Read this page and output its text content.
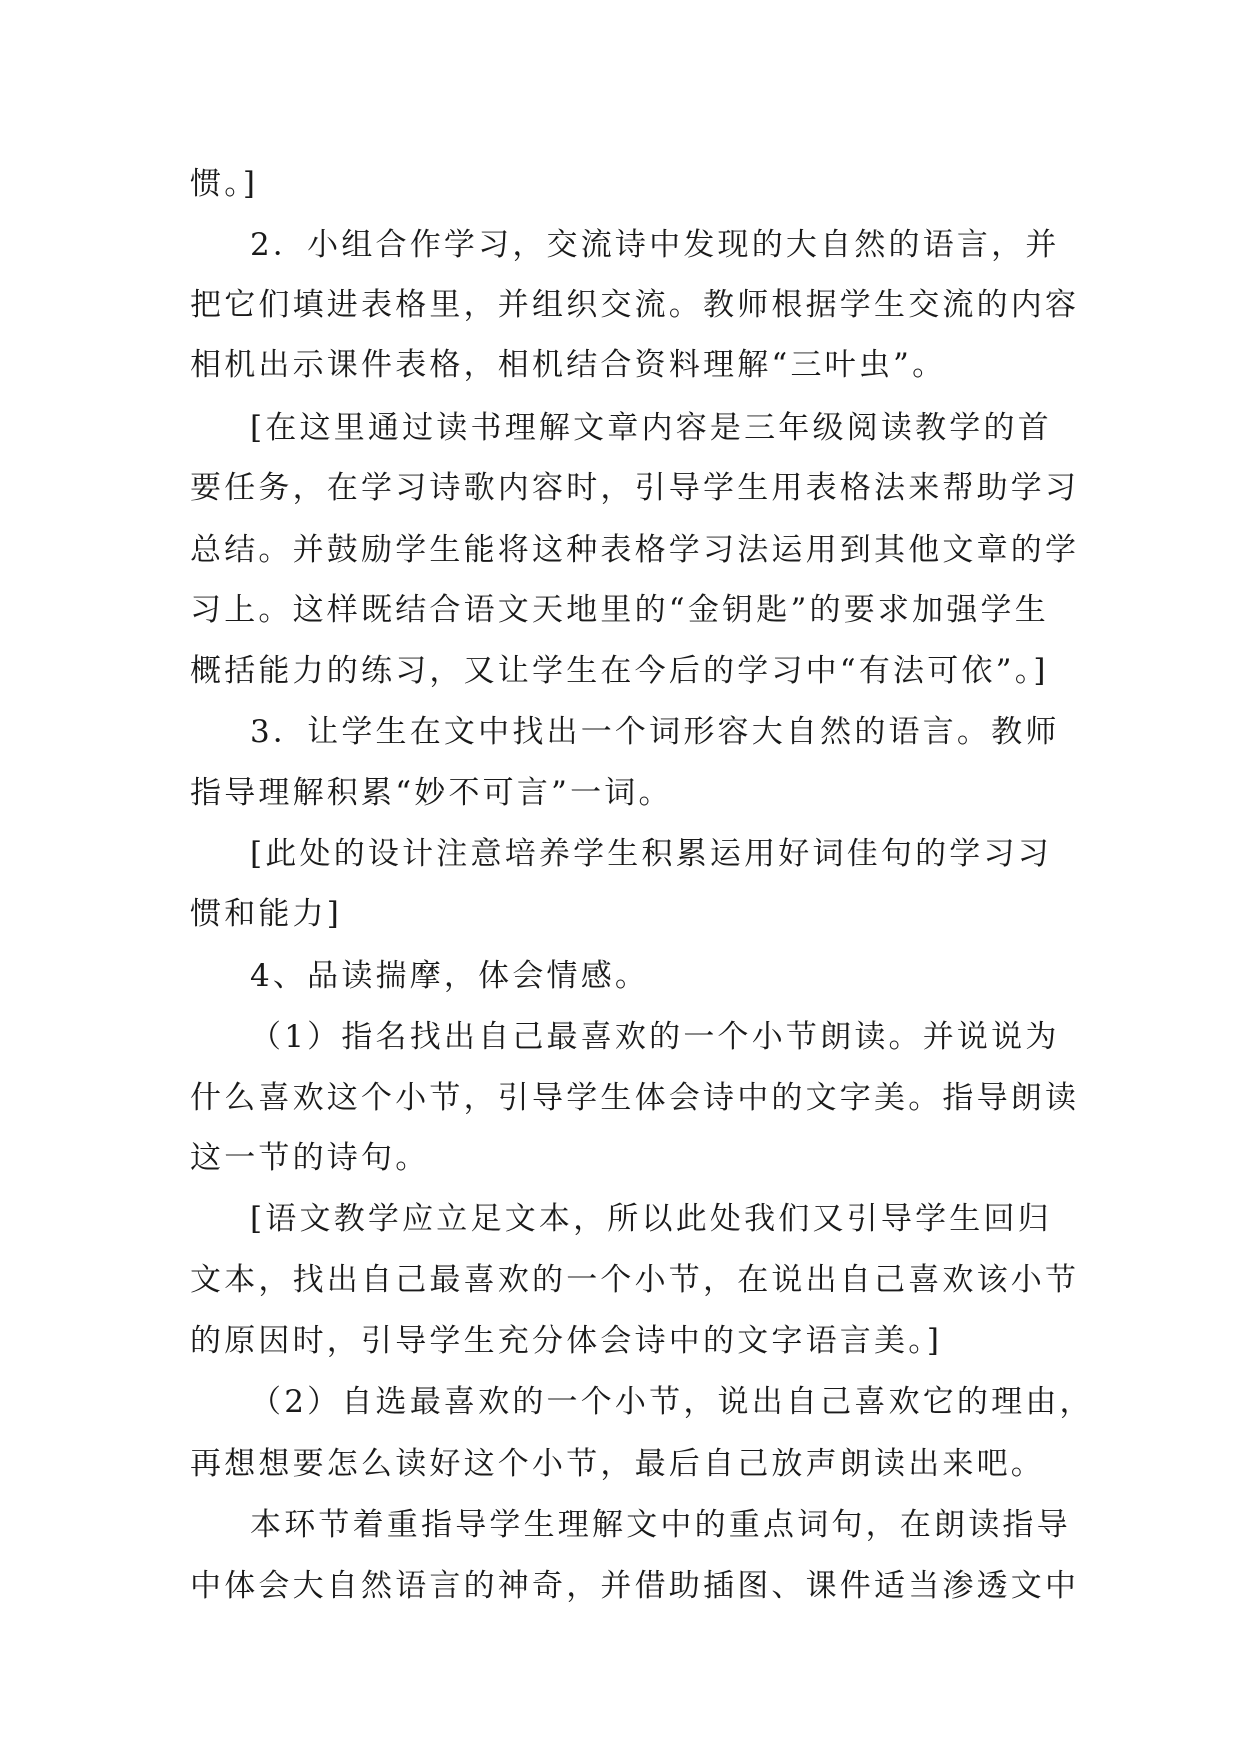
惯。]
2．小组合作学习，交流诗中发现的大自然的语言，并
把它们填进表格里，并组织交流。教师根据学生交流的内容
相机出示课件表格，相机结合资料理解“三叶虫”。
[在这里通过读书理解文章内容是三年级阅读教学的首
要任务，在学习诗歌内容时，引导学生用表格法来帮助学习
总结。并鼓励学生能将这种表格学习法运用到其他文章的学
习上。这样既结合语文天地里的“金钥匙”的要求加强学生
概括能力的练习，又让学生在今后的学习中“有法可依”。]
3．让学生在文中找出一个词形容大自然的语言。教师
指导理解积累“妙不可言”一词。
[此处的设计注意培养学生积累运用好词佳句的学习习
惯和能力]
4、品读揣摩，体会情感。
（1）指名找出自己最喜欢的一个小节朗读。并说说为
什么喜欢这个小节，引导学生体会诗中的文字美。指导朗读
这一节的诗句。
[语文教学应立足文本，所以此处我们又引导学生回归
文本，找出自己最喜欢的一个小节，在说出自己喜欢该小节
的原因时，引导学生充分体会诗中的文字语言美。]
（2）自选最喜欢的一个小节，说出自己喜欢它的理由，
再想想要怎么读好这个小节，最后自己放声朗读出来吧。
本环节着重指导学生理解文中的重点词句，在朗读指导
中体会大自然语言的神奇，并借助插图、课件适当渗透文中
